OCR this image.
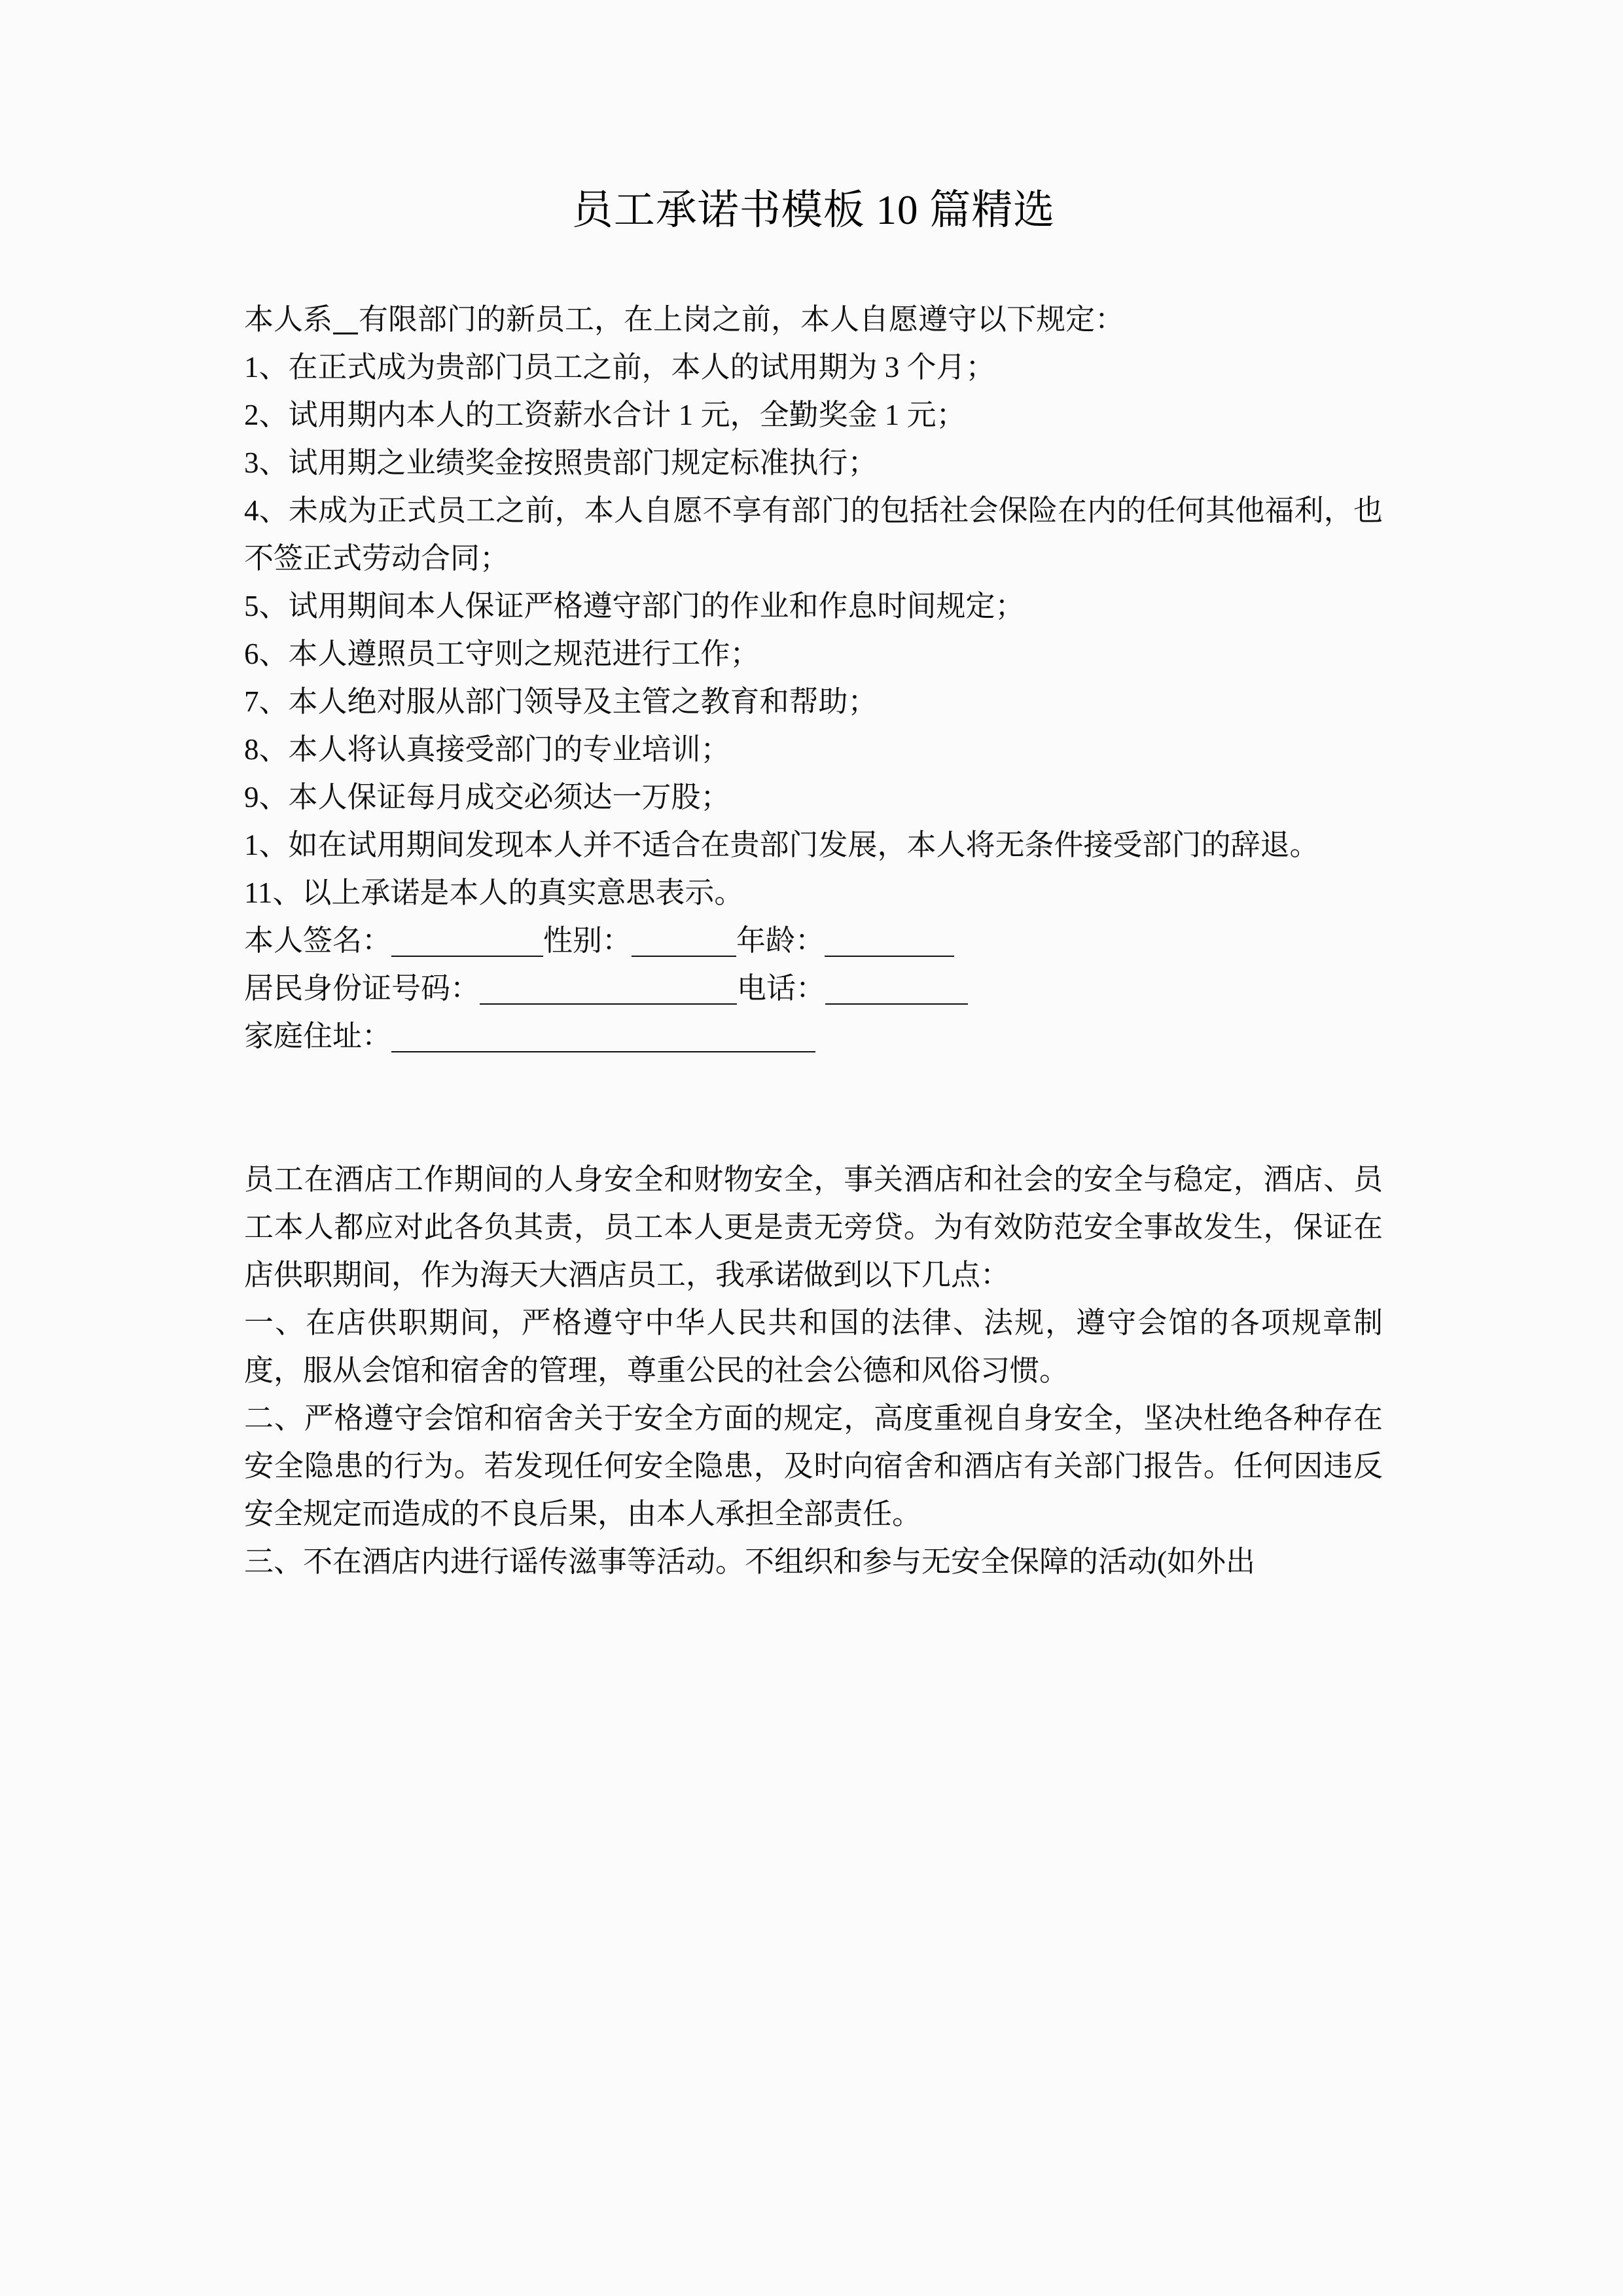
员工承诺书模板 10 篇精选

本人系 有限部门的新员工，在上岗之前，本人自愿遵守以下规定：

1、在正式成为贵部门员工之前，本人的试用期为 3 个月；

2、试用期内本人的工资薪水合计 1 元，全勤奖金 1 元；

3、试用期之业绩奖金按照贵部门规定标准执行；

4、未成为正式员工之前，本人自愿不享有部门的包括社会保险在内的任何其他福利，也不签正式劳动合同；

5、试用期间本人保证严格遵守部门的作业和作息时间规定；

6、本人遵照员工守则之规范进行工作；

7、本人绝对服从部门领导及主管之教育和帮助；

8、本人将认真接受部门的专业培训；

9、本人保证每月成交必须达一万股；

1、如在试用期间发现本人并不适合在贵部门发展，本人将无条件接受部门的辞退。

11、以上承诺是本人的真实意思表示。

本人签名：	性别：	年龄：

居民身份证号码：	电话：

家庭住址：

员工在酒店工作期间的人身安全和财物安全，事关酒店和社会的安全与稳定，酒店、员工本人都应对此各负其责，员工本人更是责无旁贷。为有效防范安全事故发生，保证在店供职期间，作为海天大酒店员工，我承诺做到以下几点：

一、在店供职期间，严格遵守中华人民共和国的法律、法规，遵守会馆的各项规章制度，服从会馆和宿舍的管理，尊重公民的社会公德和风俗习惯。

二、严格遵守会馆和宿舍关于安全方面的规定，高度重视自身安全，坚决杜绝各种存在安全隐患的行为。若发现任何安全隐患，及时向宿舍和酒店有关部门报告。任何因违反安全规定而造成的不良后果，由本人承担全部责任。

三、不在酒店内进行谣传滋事等活动。不组织和参与无安全保障的活动(如外出
